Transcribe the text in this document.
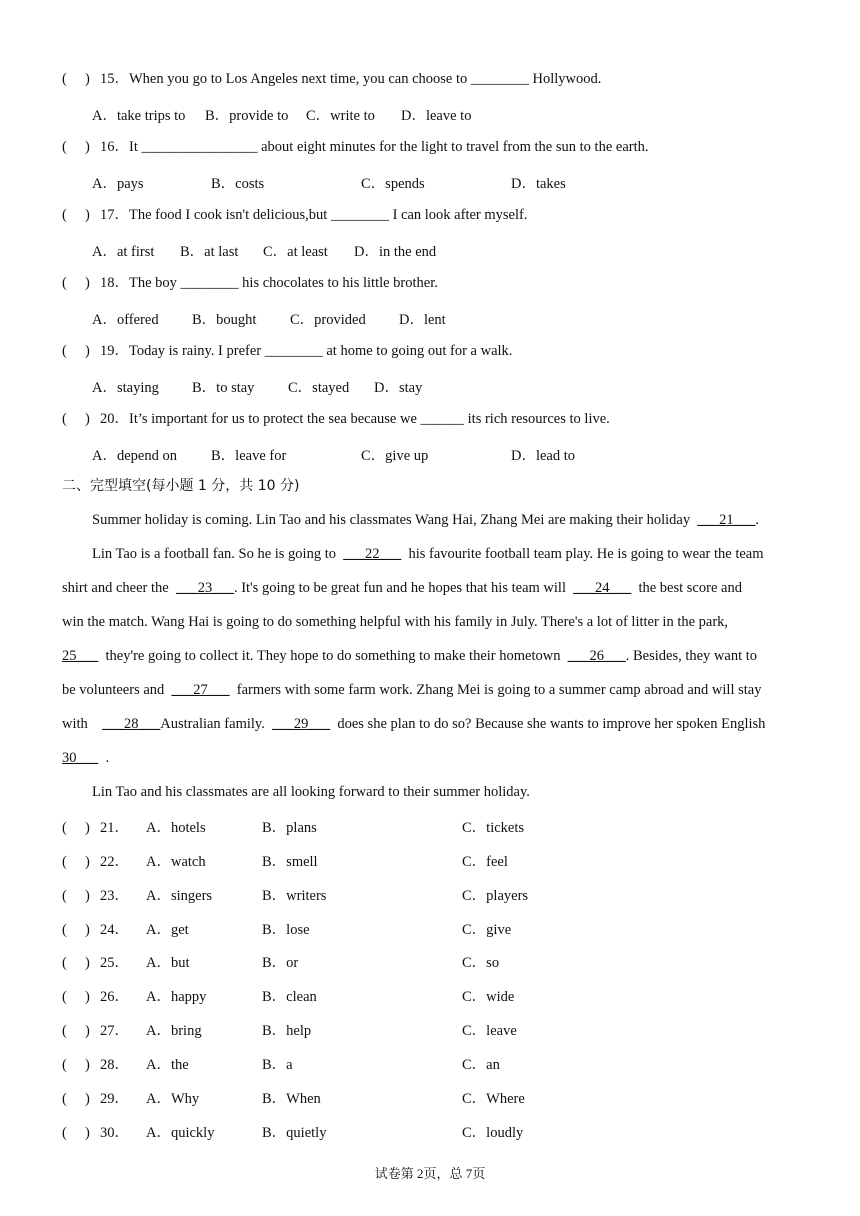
( ) 15．When you go to Los Angeles next time, you can choose to ________ Hollywood.
A．take trips to B．provide to C．write to D．leave to
( ) 16．It ________________ about eight minutes for the light to travel from the sun to the earth.
A．pays	B．costs	C．spends	D．takes
( ) 17．The food I cook isn't delicious,but ________ I can look after myself.
A．at first B．at last C．at least D．in the end
( ) 18．The boy ________ his chocolates to his little brother.
A．offered B．bought C．provided D．lent
( ) 19．Today is rainy. I prefer ________ at home to going out for a walk.
A．staying B．to stay C．stayed D．stay
( ) 20．It’s important for us to protect the sea because we ______ its rich resources to live.
A．depend on B．leave for	C．give up	D．lead to
二、完型填空(每小题 1 分，共 10 分)
Summer holiday is coming. Lin Tao and his classmates Wang Hai, Zhang Mei are making their holiday ___21___.
Lin Tao is a football fan. So he is going to ___22___ his favourite football team play. He is going to wear the team
shirt and cheer the ___23___. It's going to be great fun and he hopes that his team will ___24___ the best score and
win the match. Wang Hai is going to do something helpful with his family in July. There's a lot of litter in the park,
25___ they're going to collect it. They hope to do something to make their hometown ___26___. Besides, they want to
be volunteers and ___27___ farmers with some farm work. Zhang Mei is going to a summer camp abroad and will stay
with ___28___Australian family. ___29___ does she plan to do so? Because she wants to improve her spoken English
30___ .
Lin Tao and his classmates are all looking forward to their summer holiday.
( ) 21． A．hotels	B．plans	C．tickets
( ) 22． A．watch	B．smell	C．feel
( ) 23． A．singers	B．writers	C．players
( ) 24． A．get	B．lose	C．give
( ) 25． A．but	B．or	C．so
( ) 26． A．happy	B．clean	C．wide
( ) 27． A．bring	B．help	C．leave
( ) 28． A．the	B．a	C．an
( ) 29． A．Why	B．When	C．Where
( ) 30． A．quickly	B．quietly	C．loudly
试卷第 2页，总 7页
